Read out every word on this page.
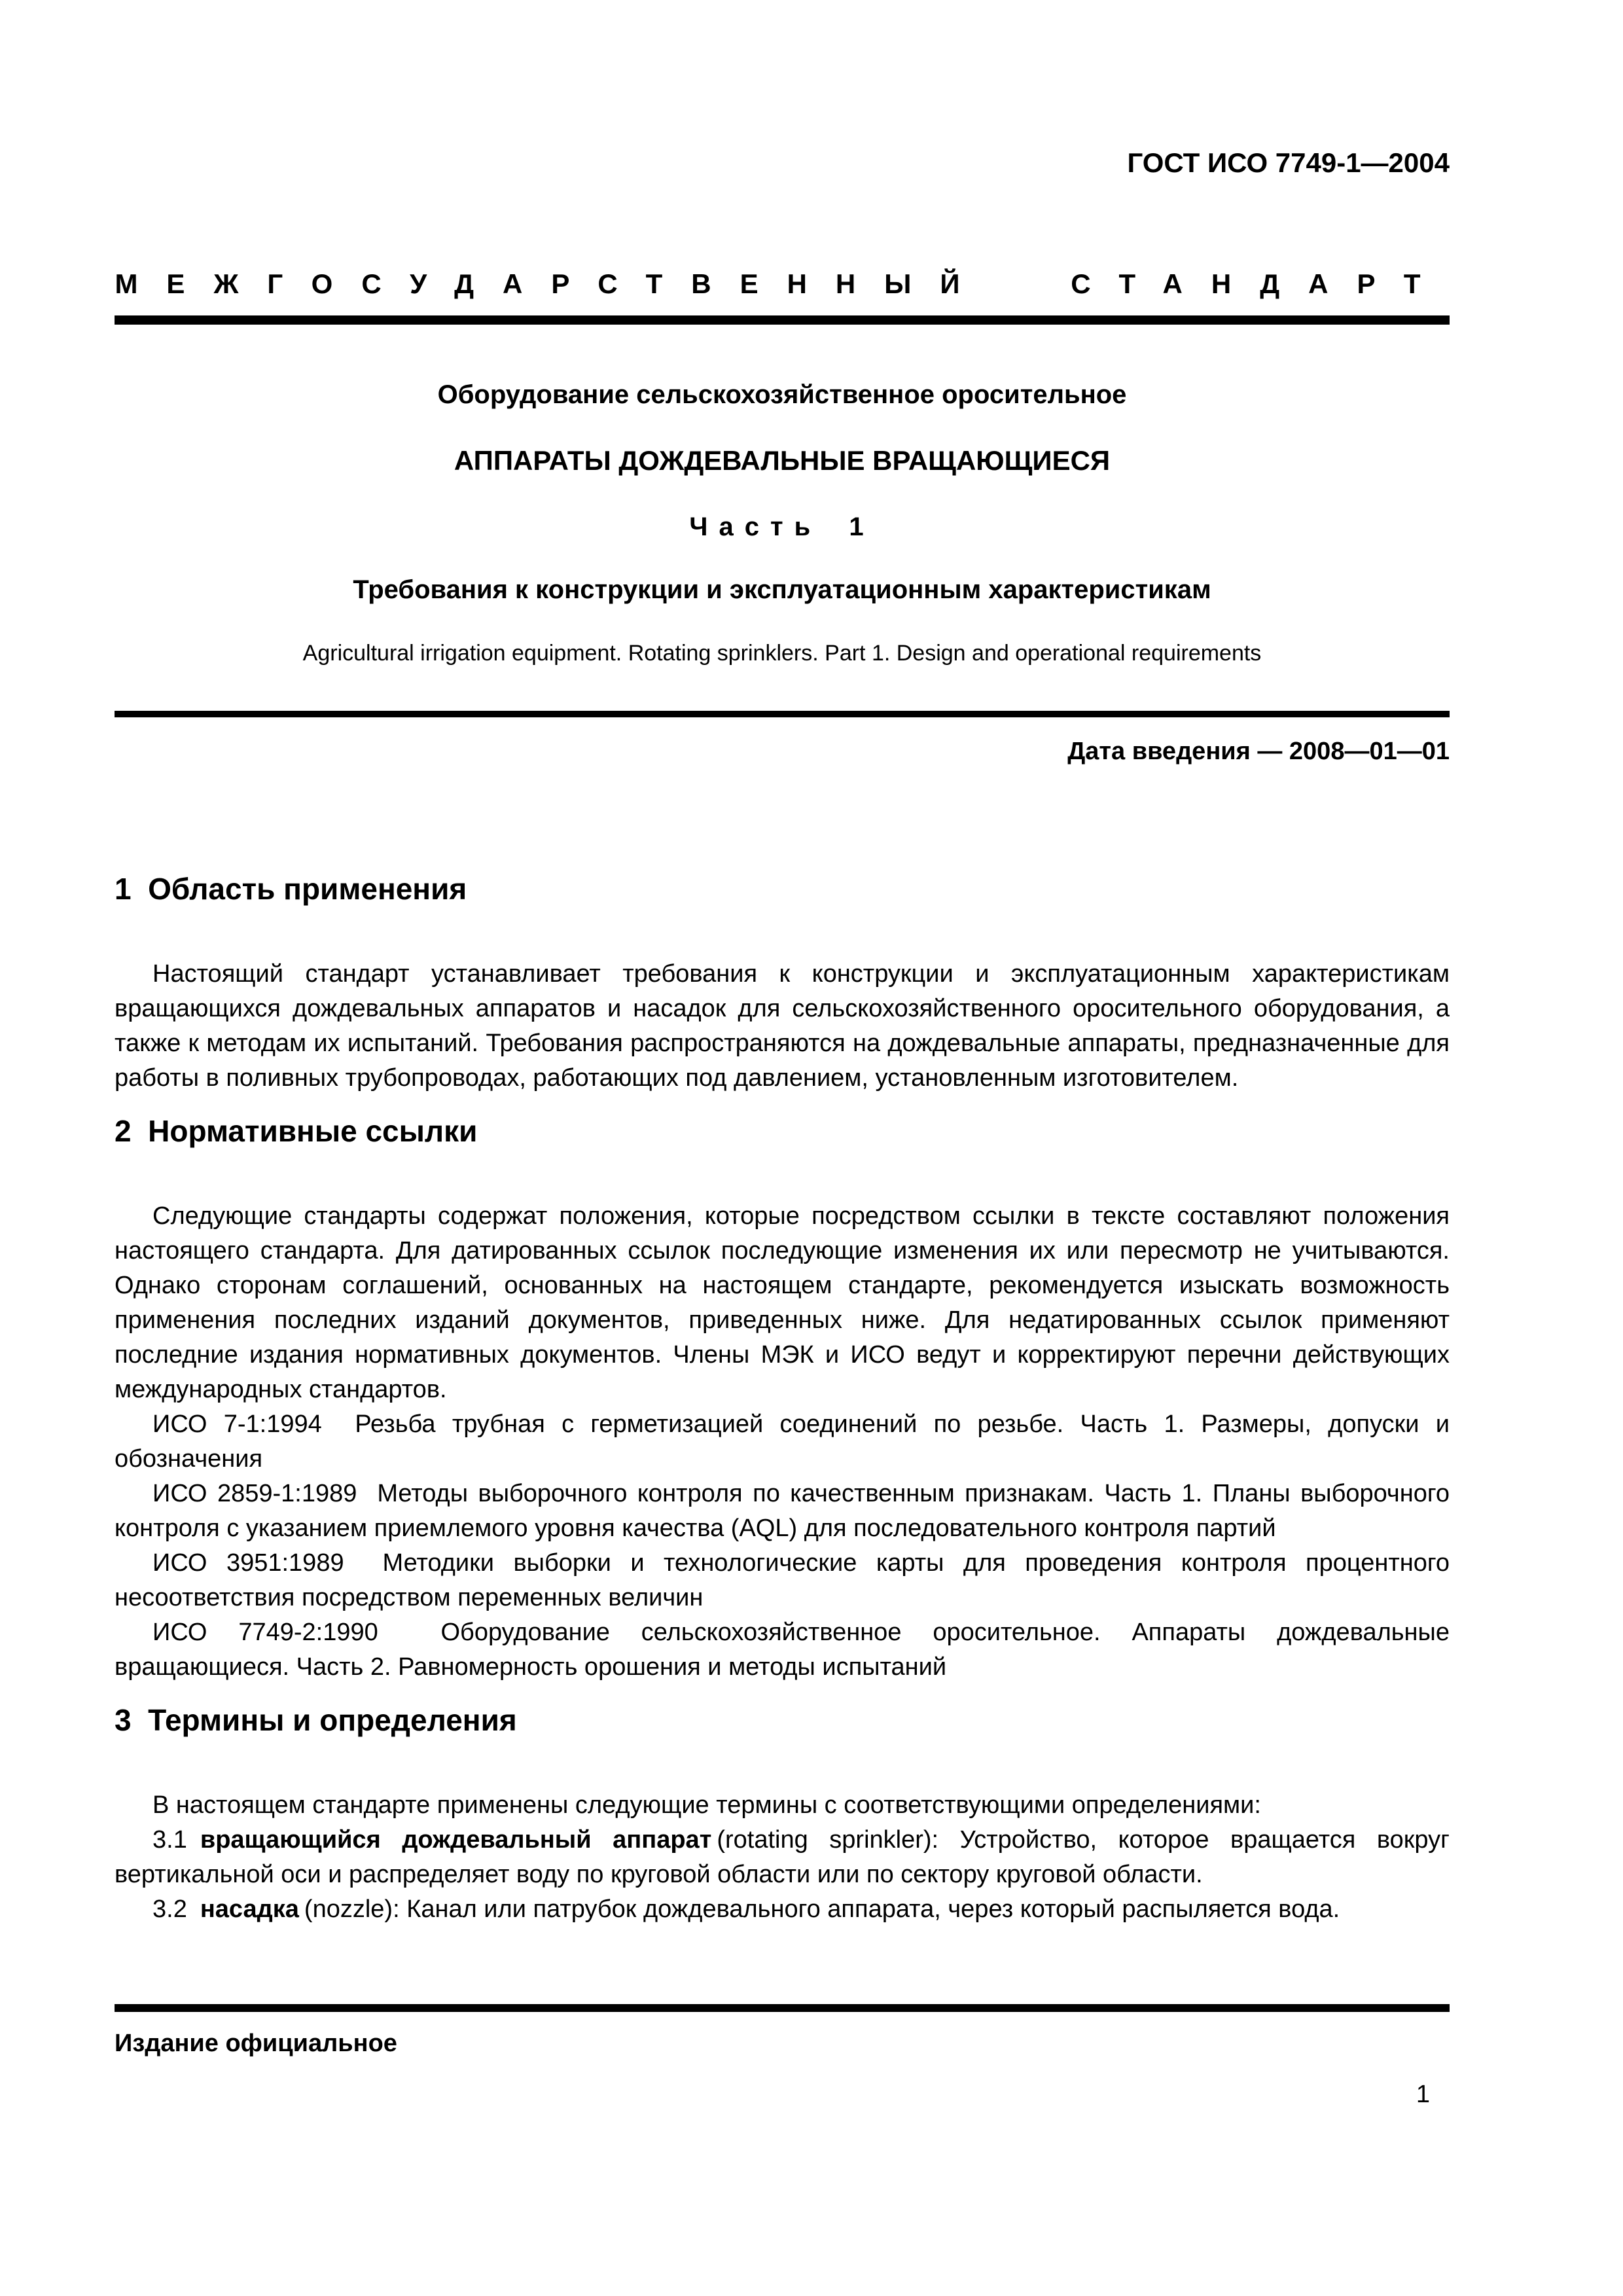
ГОСТ ИСО 7749-1—2004
МЕЖГОСУДАРСТВЕННЫЙ СТАНДАРТ
Оборудование сельскохозяйственное оросительное
АППАРАТЫ ДОЖДЕВАЛЬНЫЕ ВРАЩАЮЩИЕСЯ
Часть 1
Требования к конструкции и эксплуатационным характеристикам
Agricultural irrigation equipment. Rotating sprinklers. Part 1. Design and operational requirements
Дата введения — 2008—01—01
1  Область применения

Настоящий стандарт устанавливает требования к конструкции и эксплуатационным характеристикам вращающихся дождевальных аппаратов и насадок для сельскохозяйственного оросительного оборудования, а также к методам их испытаний. Требования распространяются на дождевальные аппараты, предназначенные для работы в поливных трубопроводах, работающих под давлением, установленным изготовителем.

2  Нормативные ссылки

Следующие стандарты содержат положения, которые посредством ссылки в тексте составляют положения настоящего стандарта. Для датированных ссылок последующие изменения их или пересмотр не учитываются. Однако сторонам соглашений, основанных на настоящем стандарте, рекомендуется изыскать возможность применения последних изданий документов, приведенных ниже. Для недатированных ссылок применяют последние издания нормативных документов. Члены МЭК и ИСО ведут и корректируют перечни действующих международных стандартов.

ИСО 7-1:1994  Резьба трубная с герметизацией соединений по резьбе. Часть 1. Размеры, допуски и обозначения

ИСО 2859-1:1989  Методы выборочного контроля по качественным признакам. Часть 1. Планы выборочного контроля с указанием приемлемого уровня качества (AQL) для последовательного контроля партий

ИСО 3951:1989  Методики выборки и технологические карты для проведения контроля процентного несоответствия посредством переменных величин

ИСО 7749-2:1990  Оборудование сельскохозяйственное оросительное. Аппараты дождевальные вращающиеся. Часть 2. Равномерность орошения и методы испытаний

3  Термины и определения

В настоящем стандарте применены следующие термины с соответствующими определениями:

3.1 вращающийся дождевальный аппарат (rotating sprinkler): Устройство, которое вращается вокруг вертикальной оси и распределяет воду по круговой области или по сектору круговой области.

3.2 насадка (nozzle): Канал или патрубок дождевального аппарата, через который распыляется вода.

Издание официальное
1
